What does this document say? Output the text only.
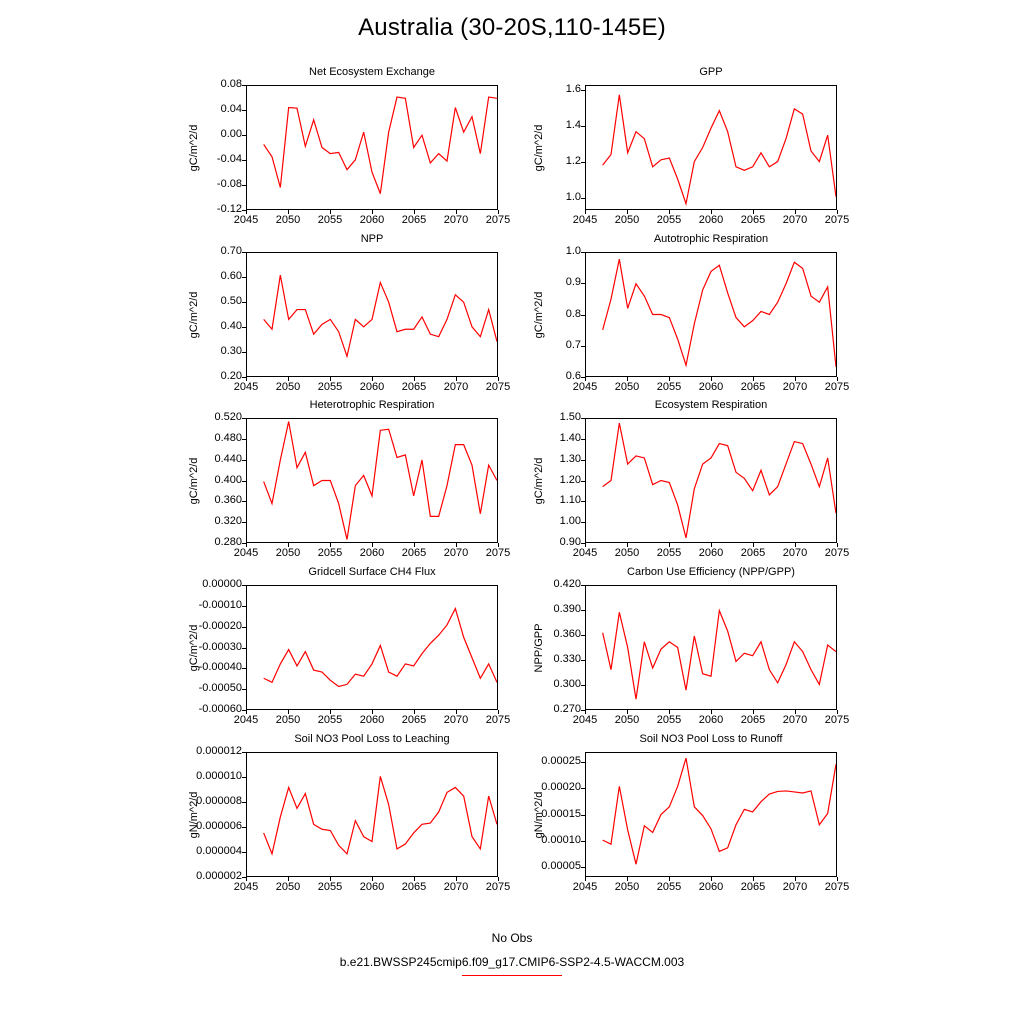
Australia (30-20S,110-145E)
Net Ecosystem Exchange
gC/m^2/d
-0.12
-0.08
-0.04
0.00
0.04
0.08
2045	2050	2055	2060	2065	2070	2075
GPP
gC/m^2/d
1.0
1.2
1.4
1.6
2045	2050	2055	2060	2065	2070	2075
NPP
gC/m^2/d
0.20
0.30
0.40
0.50
0.60
0.70
2045	2050	2055	2060	2065	2070	2075
Autotrophic Respiration
gC/m^2/d
0.6
0.7
0.8
0.9
1.0
2045	2050	2055	2060	2065	2070	2075
Heterotrophic Respiration
gC/m^2/d
0.280
0.320
0.360
0.400
0.440
0.480
0.520
2045	2050	2055	2060	2065	2070	2075
Ecosystem Respiration
gC/m^2/d
0.90
1.00
1.10
1.20
1.30
1.40
1.50
2045	2050	2055	2060	2065	2070	2075
Gridcell Surface CH4 Flux
gC/m^2/d
-0.00060
-0.00050
-0.00040
-0.00030
-0.00020
-0.00010
0.00000
2045	2050	2055	2060	2065	2070	2075
Carbon Use Efficiency (NPP/GPP)
NPP/GPP
0.270
0.300
0.330
0.360
0.390
0.420
2045	2050	2055	2060	2065	2070	2075
Soil NO3 Pool Loss to Leaching
gN/m^2/d
0.000002
0.000004
0.000006
0.000008
0.000010
0.000012
2045	2050	2055	2060	2065	2070	2075
Soil NO3 Pool Loss to Runoff
gN/m^2/d
0.00005
0.00010
0.00015
0.00020
0.00025
2045	2050	2055	2060	2065	2070	2075
No Obs
b.e21.BWSSP245cmip6.f09_g17.CMIP6-SSP2-4.5-WACCM.003
